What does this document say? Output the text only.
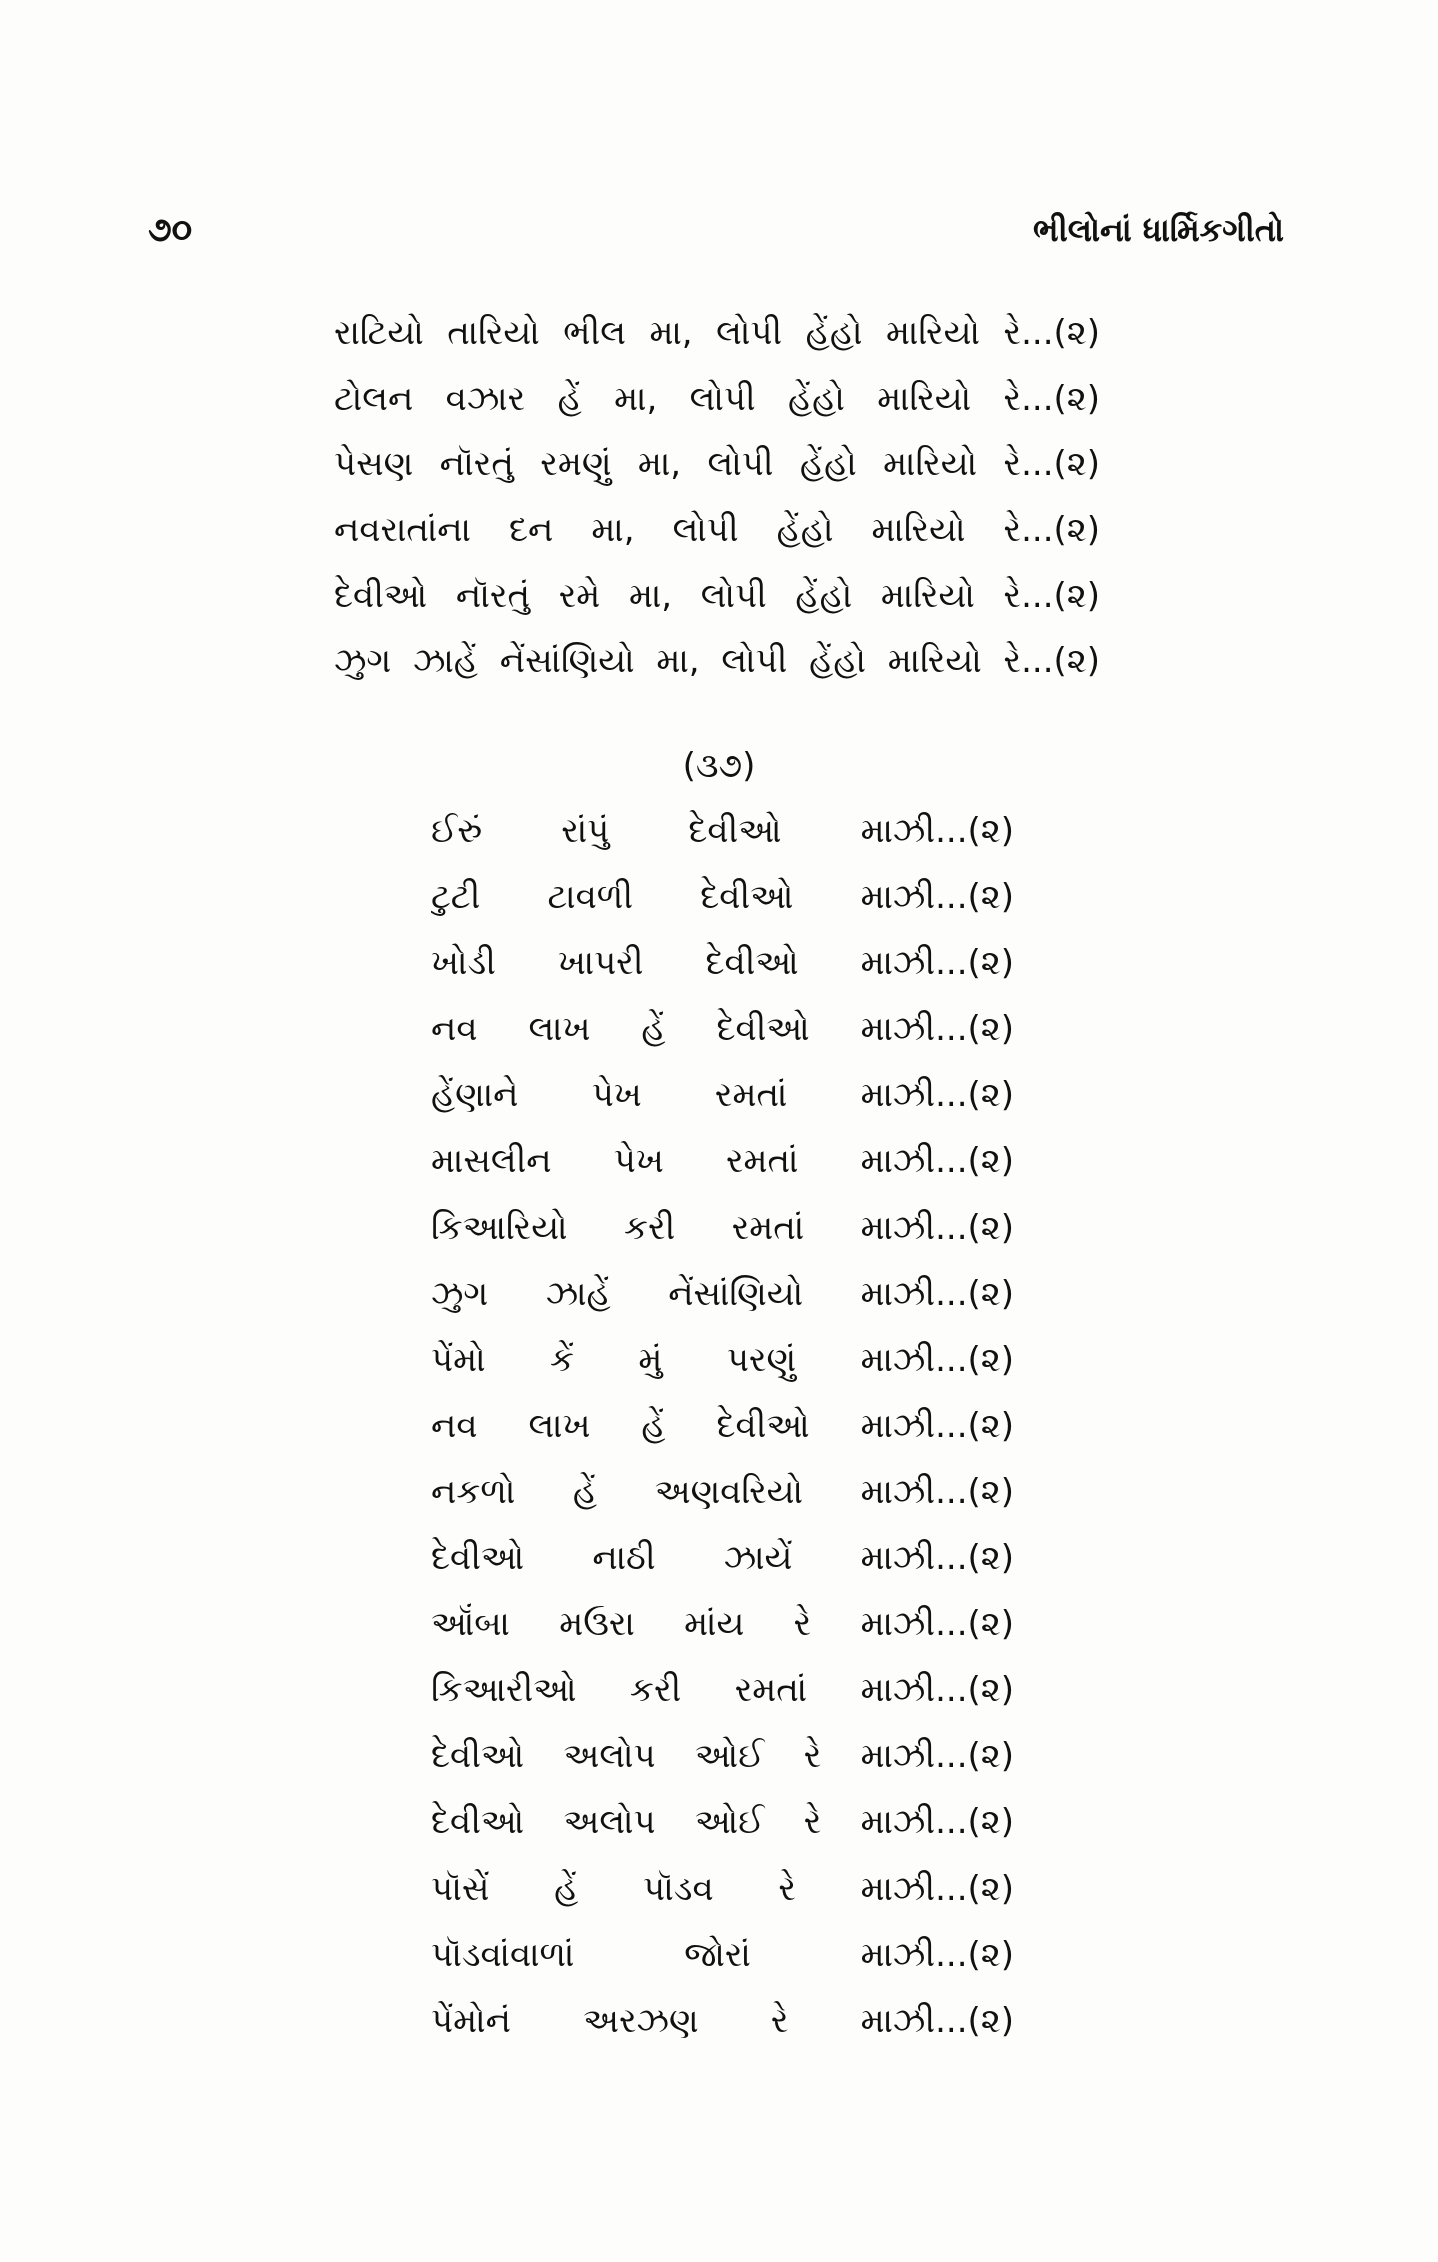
૭૦	ભીલોનાં ધાર્મિકગીતો
રાટિયો તારિયો ભીલ મા, લોપી હેંહો મારિયો રે...(૨)
ટોલન વઝાર હેં મા, લોપી હેંહો મારિયો રે...(૨)
પેસણ નૉરતું રમણું મા, લોપી હેંહો મારિયો રે...(૨)
નવરાતાંના દન મા, લોપી હેંહો મારિયો રે...(૨)
દેવીઓ નૉરતું રમે મા, લોપી હેંહો મારિયો રે...(૨)
ઝુગ ઝાહેં નેંસાંણિયો મા, લોપી હેંહો મારિયો રે...(૨)
(૩૭)
ઈરું રાંપું દેવીઓ માઝી...(૨)
ટુટી ટાવળી દેવીઓ માઝી...(૨)
ખોડી ખાપરી દેવીઓ માઝી...(૨)
નવ લાખ હેં દેવીઓ માઝી...(૨)
હેંણાને પેખ રમતાં માઝી...(૨)
માસલીન પેખ રમતાં માઝી...(૨)
કિઆરિયો કરી રમતાં માઝી...(૨)
ઝુગ ઝાહેં નેંસાંણિયો માઝી...(૨)
પેંમો કેં મું પરણું માઝી...(૨)
નવ લાખ હેં દેવીઓ માઝી...(૨)
નકળો હેં અણવરિયો માઝી...(૨)
દેવીઓ નાઠી ઝાયેં માઝી...(૨)
ઑંબા મઉરા માંય રે માઝી...(૨)
કિઆરીઓ કરી રમતાં માઝી...(૨)
દેવીઓ અલોપ ઓઈ રે માઝી...(૨)
દેવીઓ અલોપ ઓઈ રે માઝી...(૨)
પૉસેં હેં પૉડવ રે માઝી...(૨)
પૉડવાંવાળાં જોરાં માઝી...(૨)
પેંમોનં અરઝણ રે માઝી...(૨)
